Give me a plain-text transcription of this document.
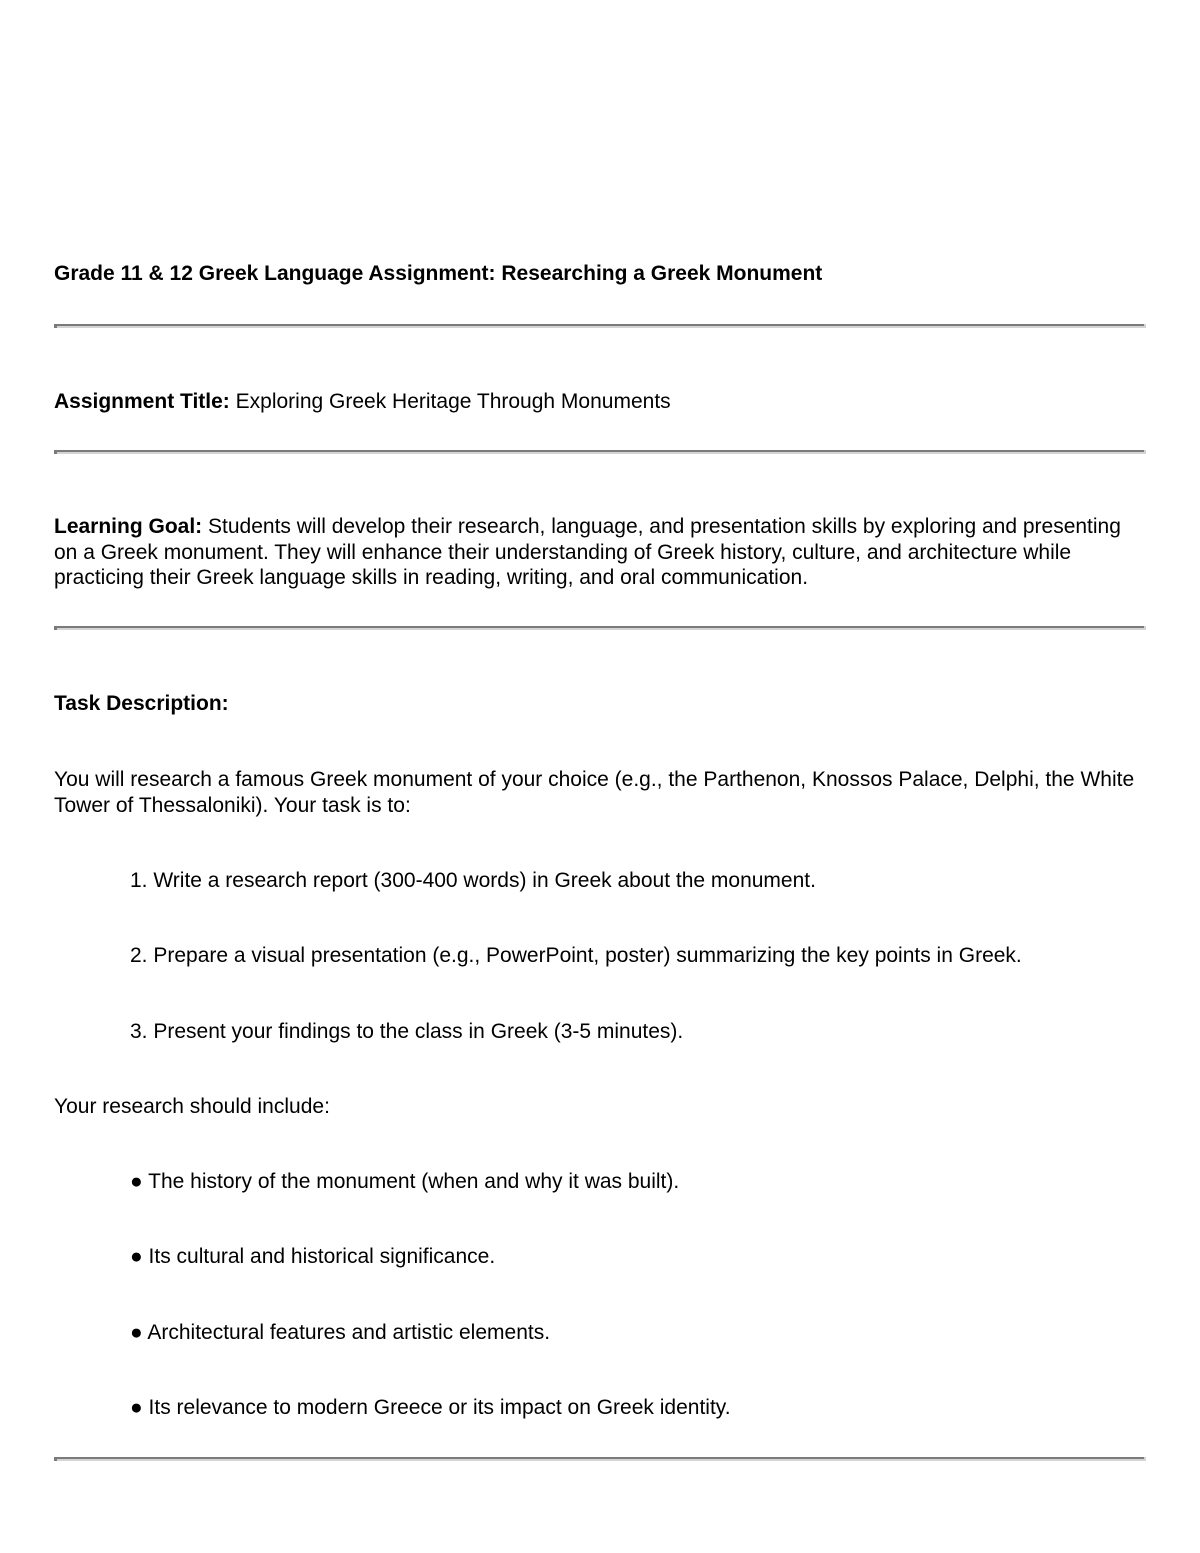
Grade 11 & 12 Greek Language Assignment: Researching a Greek Monument

Assignment Title: Exploring Greek Heritage Through Monuments

Learning Goal: Students will develop their research, language, and presentation skills by exploring and presenting on a Greek monument. They will enhance their understanding of Greek history, culture, and architecture while practicing their Greek language skills in reading, writing, and oral communication.

Task Description:

You will research a famous Greek monument of your choice (e.g., the Parthenon, Knossos Palace, Delphi, the White Tower of Thessaloniki). Your task is to:

1. Write a research report (300-400 words) in Greek about the monument.

2. Prepare a visual presentation (e.g., PowerPoint, poster) summarizing the key points in Greek.

3. Present your findings to the class in Greek (3-5 minutes).

Your research should include:

● The history of the monument (when and why it was built).

● Its cultural and historical significance.

● Architectural features and artistic elements.

● Its relevance to modern Greece or its impact on Greek identity.
